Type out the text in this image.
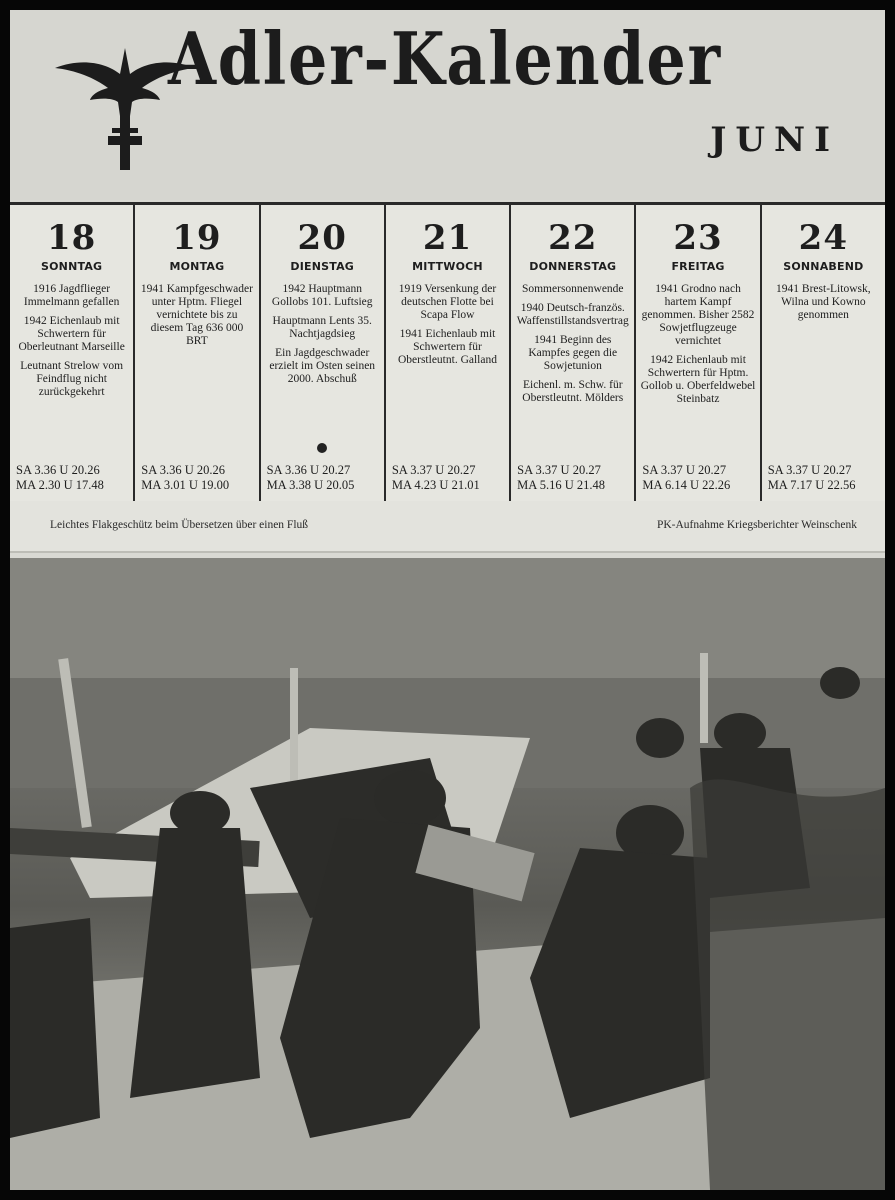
Adler-Kalender
JUNI
18
SONNTAG
1916 Jagdflieger Immelmann gefallen
1942 Eichenlaub mit Schwertern für Oberleutnant Marseille
Leutnant Strelow vom Feindflug nicht zurückgekehrt
SA 3.36 U 20.26
MA 2.30 U 17.48
19
MONTAG
1941 Kampfgeschwader unter Hptm. Fliegel vernichtete bis zu diesem Tag 636 000 BRT
SA 3.36 U 20.26
MA 3.01 U 19.00
20
DIENSTAG
1942 Hauptmann Gollobs 101. Luftsieg
Hauptmann Lents 35. Nachtjagdsieg
Ein Jagdgeschwader erzielt im Osten seinen 2000. Abschuß
SA 3.36 U 20.27
MA 3.38 U 20.05
21
MITTWOCH
1919 Versenkung der deutschen Flotte bei Scapa Flow
1941 Eichenlaub mit Schwertern für Oberstleutnt. Galland
SA 3.37 U 20.27
MA 4.23 U 21.01
22
DONNERSTAG
Sommersonnenwende
1940 Deutsch-französ. Waffenstillstandsvertrag
1941 Beginn des Kampfes gegen die Sowjetunion
Eichenl. m. Schw. für Oberstleutnt. Mölders
SA 3.37 U 20.27
MA 5.16 U 21.48
23
FREITAG
1941 Grodno nach hartem Kampf genommen. Bisher 2582 Sowjetflugzeuge vernichtet
1942 Eichenlaub mit Schwertern für Hptm. Gollob u. Oberfeldwebel Steinbatz
SA 3.37 U 20.27
MA 6.14 U 22.26
24
SONNABEND
1941 Brest-Litowsk, Wilna und Kowno genommen
SA 3.37 U 20.27
MA 7.17 U 22.56
Leichtes Flakgeschütz beim Übersetzen über einen Fluß	PK-Aufnahme Kriegsberichter Weinschenk
